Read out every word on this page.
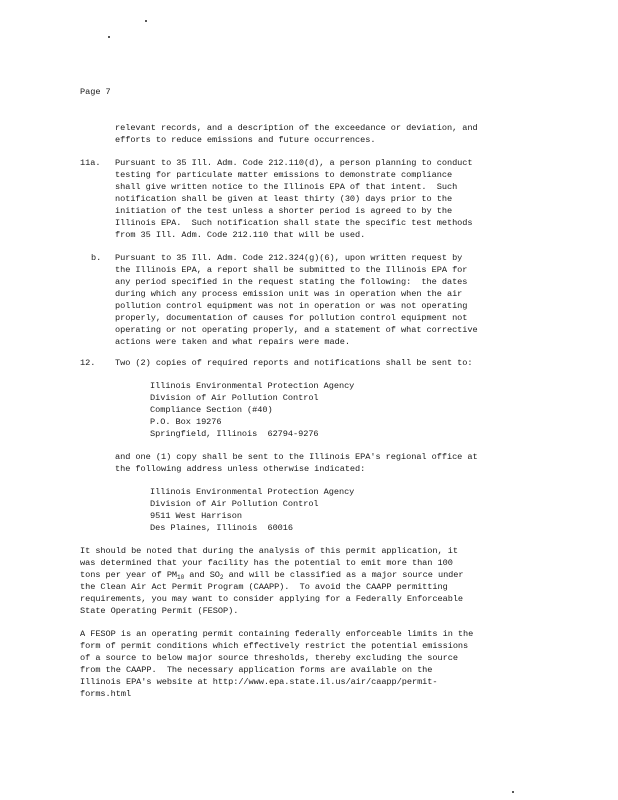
Page 7
relevant records, and a description of the exceedance or deviation, and
efforts to reduce emissions and future occurrences.
11a. Pursuant to 35 Ill. Adm. Code 212.110(d), a person planning to conduct
testing for particulate matter emissions to demonstrate compliance
shall give written notice to the Illinois EPA of that intent.  Such
notification shall be given at least thirty (30) days prior to the
initiation of the test unless a shorter period is agreed to by the
Illinois EPA.  Such notification shall state the specific test methods
from 35 Ill. Adm. Code 212.110 that will be used.
b. Pursuant to 35 Ill. Adm. Code 212.324(g)(6), upon written request by
the Illinois EPA, a report shall be submitted to the Illinois EPA for
any period specified in the request stating the following:  the dates
during which any process emission unit was in operation when the air
pollution control equipment was not in operation or was not operating
properly, documentation of causes for pollution control equipment not
operating or not operating properly, and a statement of what corrective
actions were taken and what repairs were made.
12. Two (2) copies of required reports and notifications shall be sent to:
Illinois Environmental Protection Agency
Division of Air Pollution Control
Compliance Section (#40)
P.O. Box 19276
Springfield, Illinois  62794-9276
and one (1) copy shall be sent to the Illinois EPA's regional office at
the following address unless otherwise indicated:
Illinois Environmental Protection Agency
Division of Air Pollution Control
9511 West Harrison
Des Plaines, Illinois  60016
It should be noted that during the analysis of this permit application, it
was determined that your facility has the potential to emit more than 100
tons per year of $PM_{10}$ and $SO_2$ and will be classified as a major source under
the Clean Air Act Permit Program (CAAPP).  To avoid the CAAPP permitting
requirements, you may want to consider applying for a Federally Enforceable
State Operating Permit (FESOP).
A FESOP is an operating permit containing federally enforceable limits in the
form of permit conditions which effectively restrict the potential emissions
of a source to below major source thresholds, thereby excluding the source
from the CAAPP.  The necessary application forms are available on the
Illinois EPA's website at http://www.epa.state.il.us/air/caapp/permit-
forms.html
